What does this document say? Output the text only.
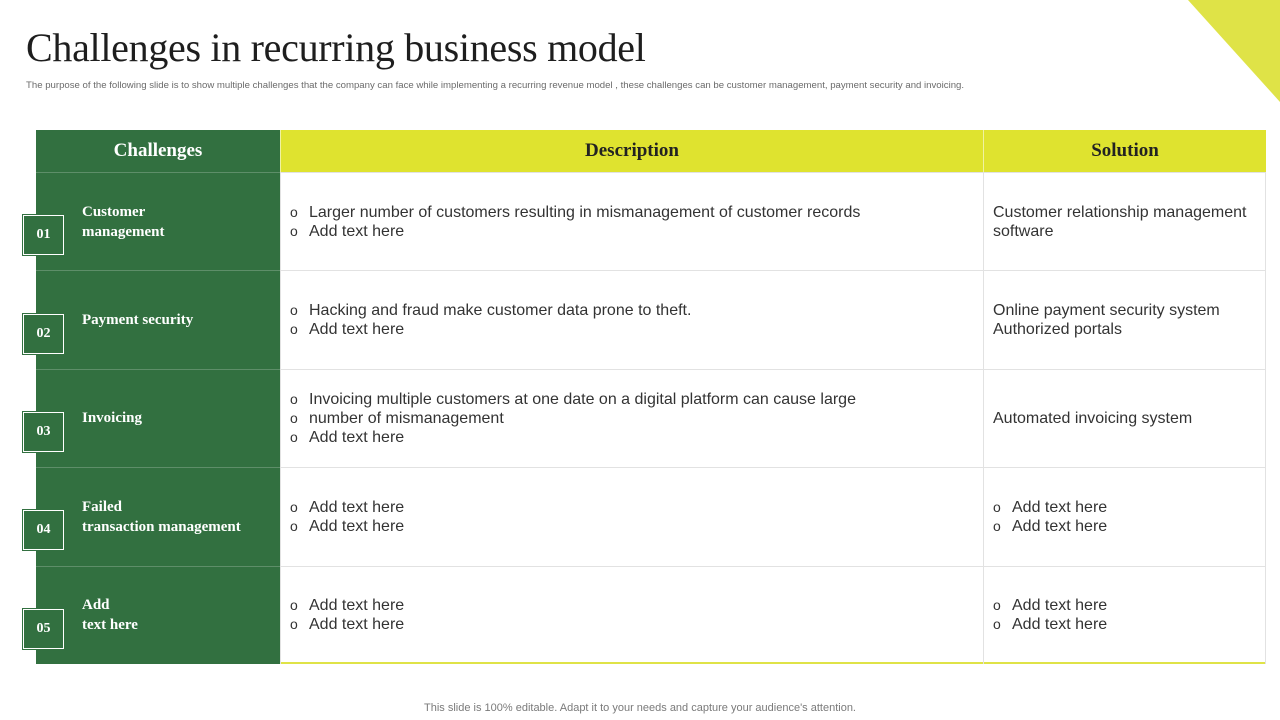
Challenges in recurring business model
The purpose of the following slide is to show multiple challenges that the company can face while implementing a recurring revenue model , these challenges can be customer management, payment security and invoicing.
Challenges	Description	Solution
Customer
management
o Larger number of customers resulting in mismanagement of customer records
o Add text here
Customer relationship management
software
Payment security
o Hacking and fraud make customer data prone to theft.
o Add text here
Online payment security system
Authorized portals
Invoicing
o Invoicing multiple customers at one date on a digital platform can cause large
o number of mismanagement
o Add text here
Automated invoicing system
Failed
transaction management
o Add text here
o Add text here
o Add text here
o Add text here
Add
text here
o Add text here
o Add text here
o Add text here
o Add text here
01
02
03
04
05
This slide is 100% editable. Adapt it to your needs and capture your audience's attention.
